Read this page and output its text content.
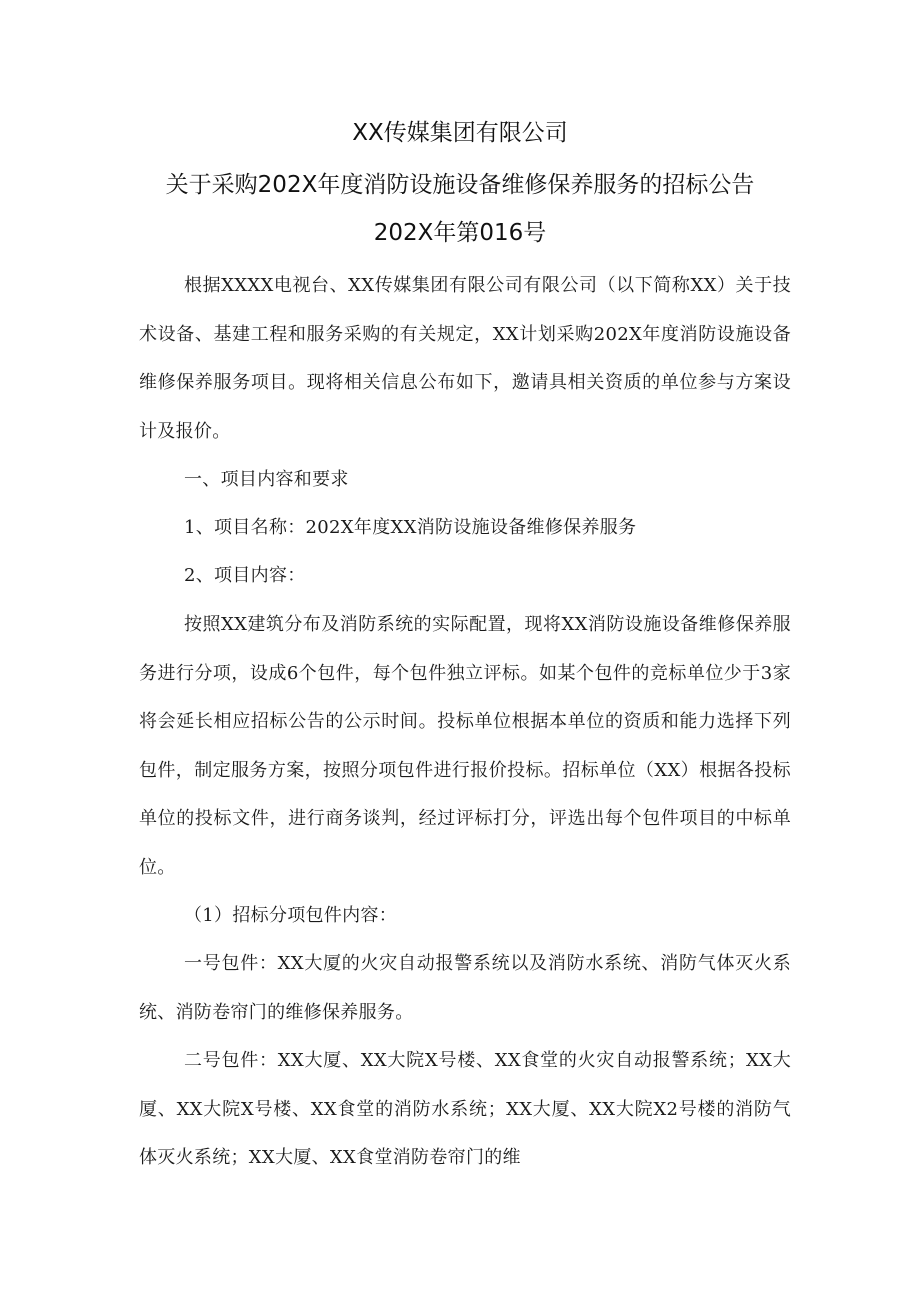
XX传媒集团有限公司
关于采购202X年度消防设施设备维修保养服务的招标公告
202X年第016号

根据XXXX电视台、XX传媒集团有限公司有限公司（以下简称XX）关于技术设备、基建工程和服务采购的有关规定，XX计划采购202X年度消防设施设备维修保养服务项目。现将相关信息公布如下，邀请具相关资质的单位参与方案设计及报价。

一、项目内容和要求

1、项目名称：202X年度XX消防设施设备维修保养服务

2、项目内容：

按照XX建筑分布及消防系统的实际配置，现将XX消防设施设备维修保养服务进行分项，设成6个包件，每个包件独立评标。如某个包件的竞标单位少于3家将会延长相应招标公告的公示时间。投标单位根据本单位的资质和能力选择下列包件，制定服务方案，按照分项包件进行报价投标。招标单位（XX）根据各投标单位的投标文件，进行商务谈判，经过评标打分，评选出每个包件项目的中标单位。

（1）招标分项包件内容：

一号包件：XX大厦的火灾自动报警系统以及消防水系统、消防气体灭火系统、消防卷帘门的维修保养服务。

二号包件：XX大厦、XX大院X号楼、XX食堂的火灾自动报警系统；XX大厦、XX大院X号楼、XX食堂的消防水系统；XX大厦、XX大院X2号楼的消防气体灭火系统；XX大厦、XX食堂消防卷帘门的维
